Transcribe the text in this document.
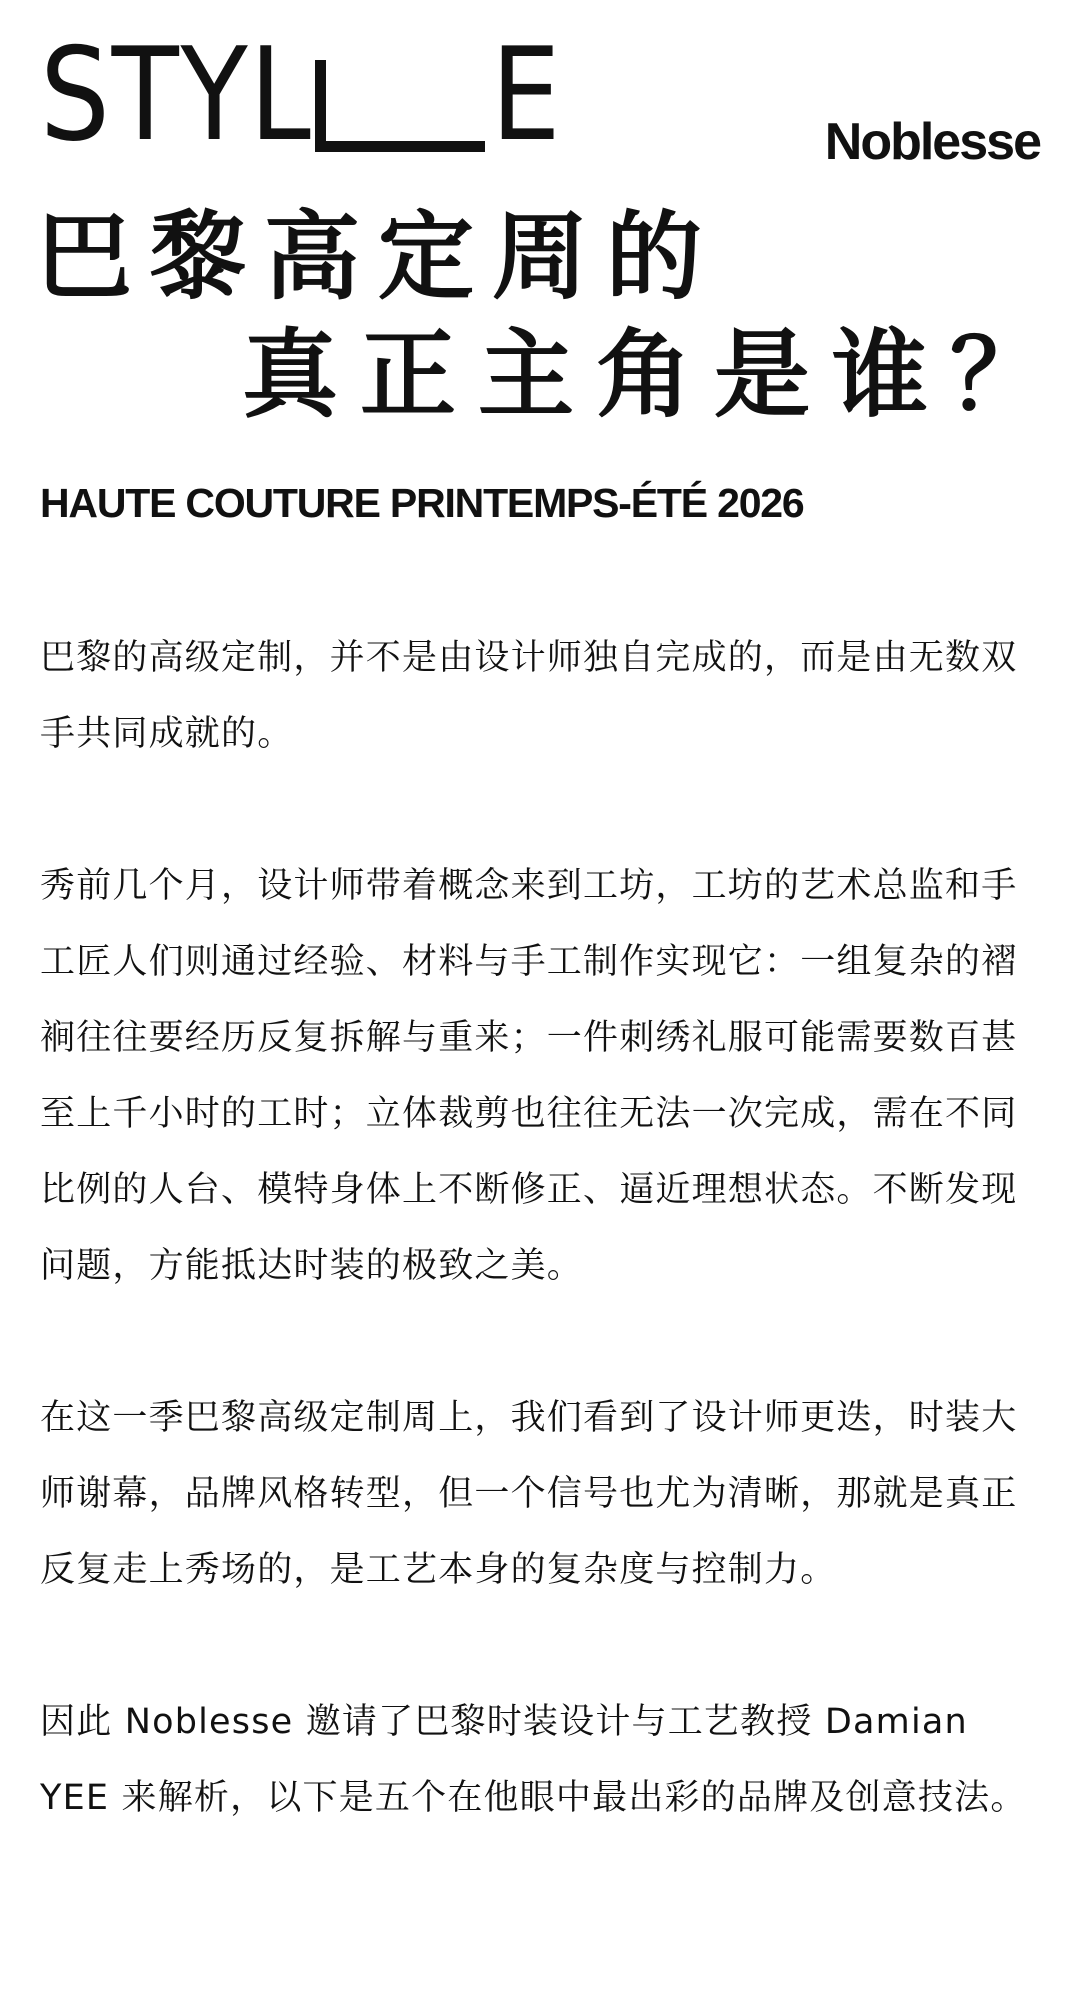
STYL E	Noblesse
巴黎高定周的
真正主角是谁？
HAUTE COUTURE PRINTEMPS-ÉTÉ 2026

巴黎的高级定制，并不是由设计师独自完成的，而是由无数双手共同成就的。

秀前几个月，设计师带着概念来到工坊，工坊的艺术总监和手工匠人们则通过经验、材料与手工制作实现它：一组复杂的褶裥往往要经历反复拆解与重来；一件刺绣礼服可能需要数百甚至上千小时的工时；立体裁剪也往往无法一次完成，需在不同比例的人台、模特身体上不断修正、逼近理想状态。不断发现问题，方能抵达时装的极致之美。

在这一季巴黎高级定制周上，我们看到了设计师更迭，时装大师谢幕，品牌风格转型，但一个信号也尤为清晰，那就是真正反复走上秀场的，是工艺本身的复杂度与控制力。

因此 Noblesse 邀请了巴黎时装设计与工艺教授 Damian YEE 来解析，以下是五个在他眼中最出彩的品牌及创意技法。
